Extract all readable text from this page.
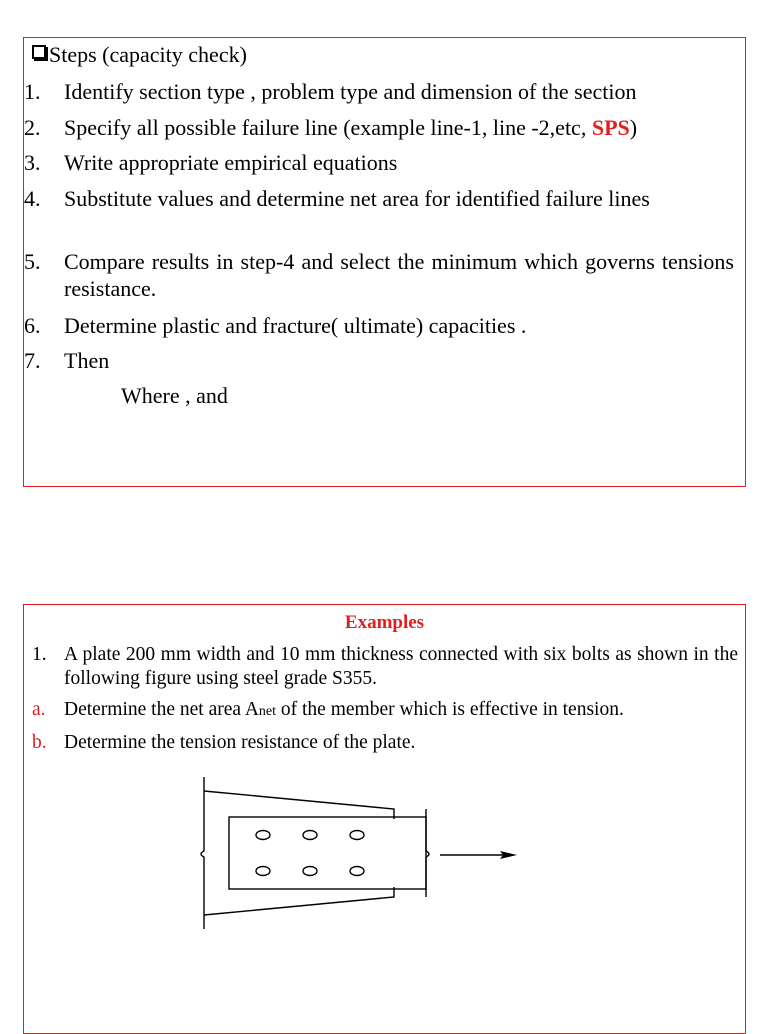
Steps (capacity check)
1.	Identify section type , problem type and dimension of the section
2.	Specify all possible failure line (example line-1, line -2,etc, SPS)
3.	Write appropriate empirical equations
4.	Substitute values and determine net area for identified failure lines
5.	Compare results in step-4 and select the minimum which governs tensions resistance.
6.	Determine plastic and fracture( ultimate) capacities .
7.	Then
Where , and
Examples
1. A plate 200 mm width and 10 mm thickness connected with six bolts as shown in the following figure using steel grade S355.
a. Determine the net area Anet of the member which is effective in tension.
b. Determine the tension resistance of the plate.
